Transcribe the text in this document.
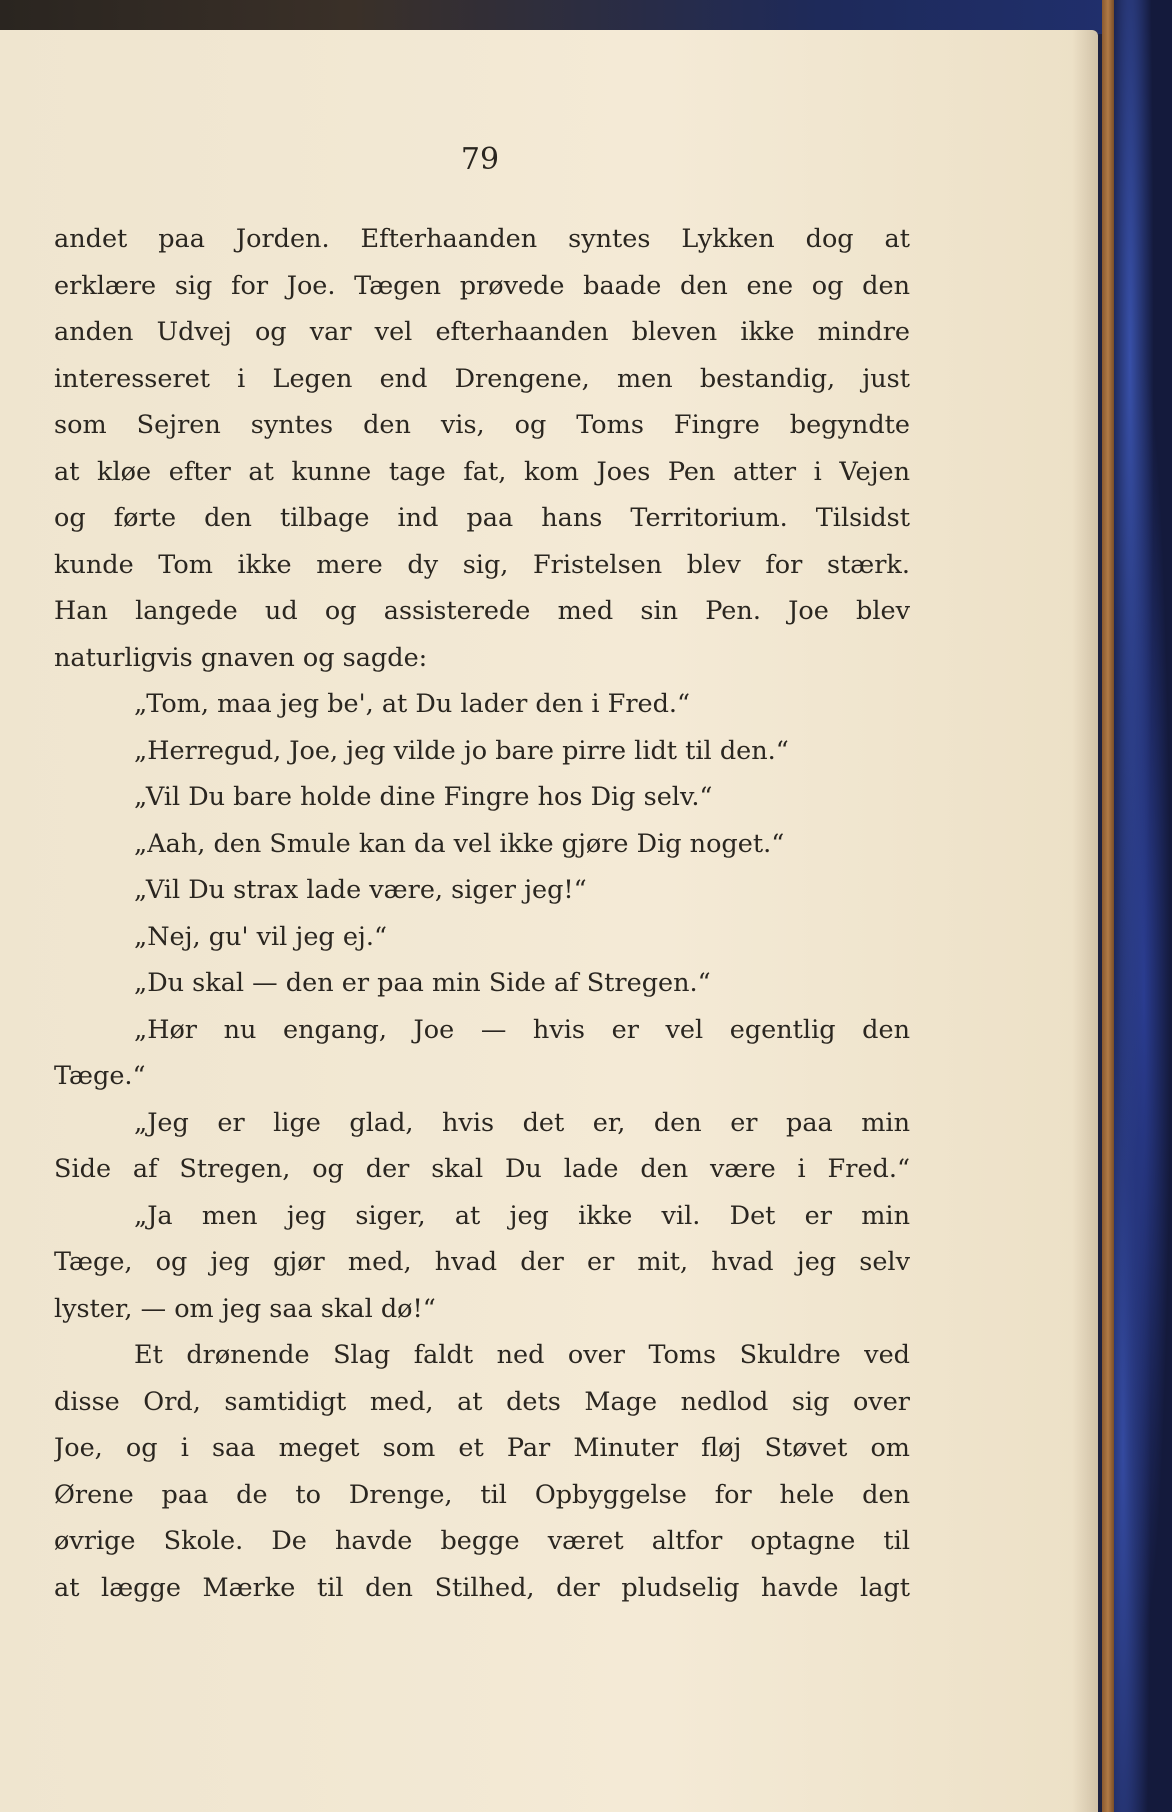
79
andet paa Jorden. Efterhaanden syntes Lykken dog at
erklære sig for Joe. Tægen prøvede baade den ene og den
anden Udvej og var vel efterhaanden bleven ikke mindre
interesseret i Legen end Drengene, men bestandig, just
som Sejren syntes den vis, og Toms Fingre begyndte
at kløe efter at kunne tage fat, kom Joes Pen atter i Vejen
og førte den tilbage ind paa hans Territorium. Tilsidst
kunde Tom ikke mere dy sig, Fristelsen blev for stærk.
Han langede ud og assisterede med sin Pen. Joe blev
naturligvis gnaven og sagde:
„Tom, maa jeg be', at Du lader den i Fred.“
„Herregud, Joe, jeg vilde jo bare pirre lidt til den.“
„Vil Du bare holde dine Fingre hos Dig selv.“
„Aah, den Smule kan da vel ikke gjøre Dig noget.“
„Vil Du strax lade være, siger jeg!“
„Nej, gu' vil jeg ej.“
„Du skal — den er paa min Side af Stregen.“
„Hør nu engang, Joe — hvis er vel egentlig den
Tæge.“
„Jeg er lige glad, hvis det er, den er paa min
Side af Stregen, og der skal Du lade den være i Fred.“
„Ja men jeg siger, at jeg ikke vil. Det er min
Tæge, og jeg gjør med, hvad der er mit, hvad jeg selv
lyster, — om jeg saa skal dø!“
Et drønende Slag faldt ned over Toms Skuldre ved
disse Ord, samtidigt med, at dets Mage nedlod sig over
Joe, og i saa meget som et Par Minuter fløj Støvet om
Ørene paa de to Drenge, til Opbyggelse for hele den
øvrige Skole. De havde begge været altfor optagne til
at lægge Mærke til den Stilhed, der pludselig havde lagt
